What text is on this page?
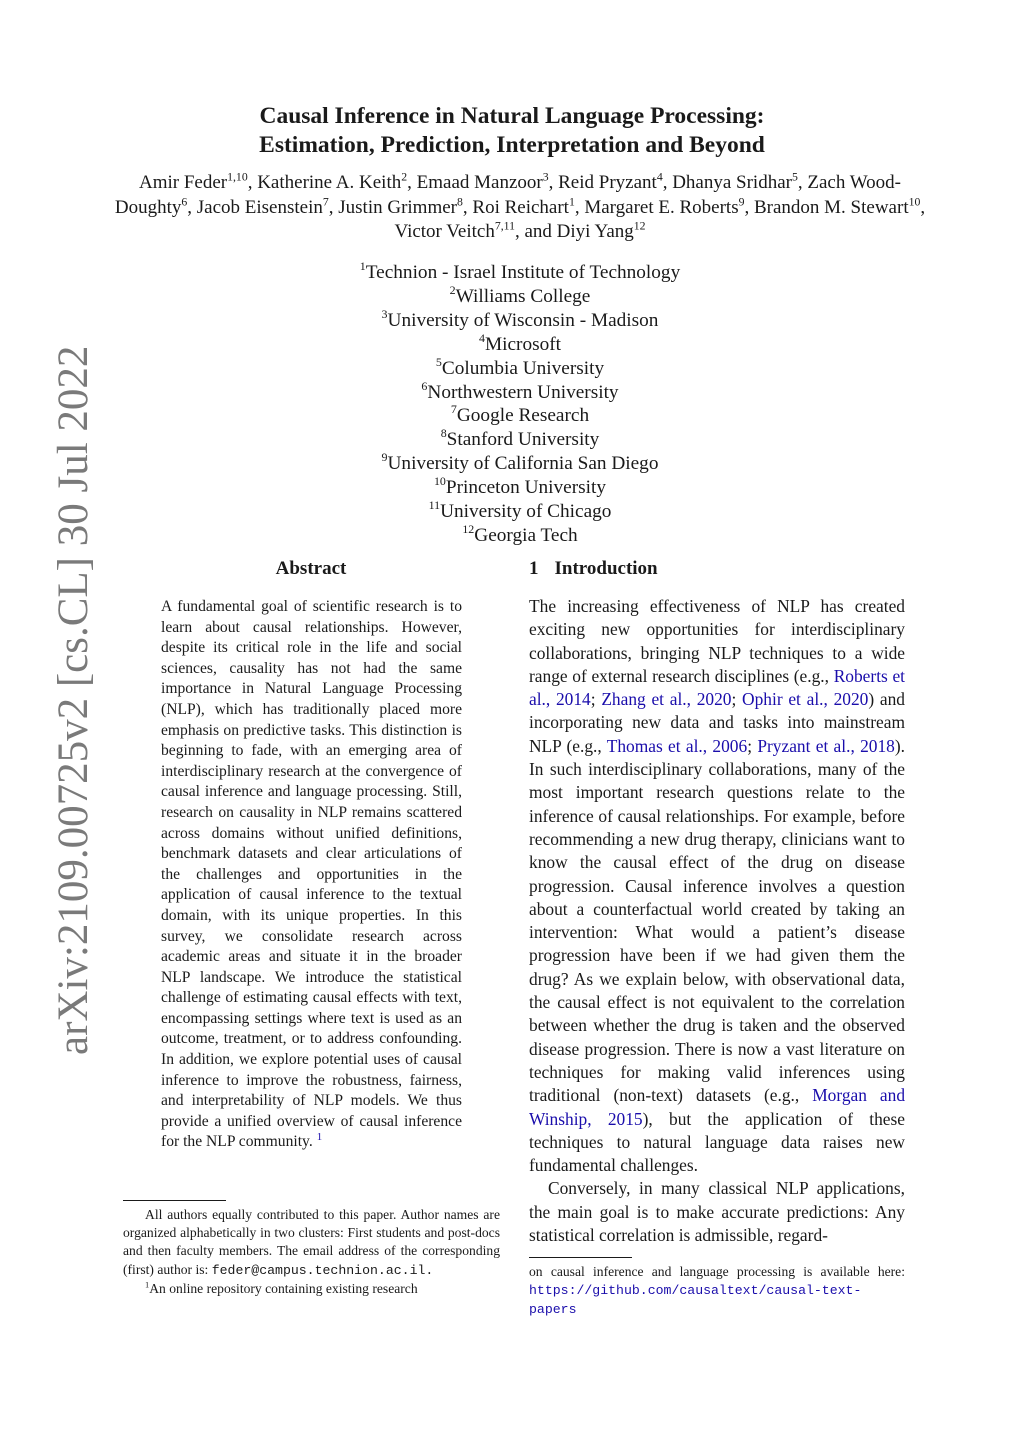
arXiv:2109.00725v2 [cs.CL] 30 Jul 2022
Causal Inference in Natural Language Processing:
Estimation, Prediction, Interpretation and Beyond
Amir Feder$^{1,10}$, Katherine A. Keith$^2$, Emaad Manzoor$^3$, Reid Pryzant$^4$, Dhanya Sridhar$^5$, Zach Wood-Doughty$^6$, Jacob Eisenstein$^7$, Justin Grimmer$^8$, Roi Reichart$^1$, Margaret E. Roberts$^9$, Brandon M. Stewart$^{10}$, Victor Veitch$^{7,11}$, and Diyi Yang$^{12}$
$^1$Technion - Israel Institute of Technology
$^2$Williams College
$^3$University of Wisconsin - Madison
$^4$Microsoft
$^5$Columbia University
$^6$Northwestern University
$^7$Google Research
$^8$Stanford University
$^9$University of California San Diego
$^{10}$Princeton University
$^{11}$University of Chicago
$^{12}$Georgia Tech
Abstract
A fundamental goal of scientific research is to learn about causal relationships. However, despite its critical role in the life and social sciences, causality has not had the same importance in Natural Language Processing (NLP), which has traditionally placed more emphasis on predictive tasks. This distinction is beginning to fade, with an emerging area of interdisciplinary research at the convergence of causal inference and language processing. Still, research on causality in NLP remains scattered across domains without unified definitions, benchmark datasets and clear articulations of the challenges and opportunities in the application of causal inference to the textual domain, with its unique properties. In this survey, we consolidate research across academic areas and situate it in the broader NLP landscape. We introduce the statistical challenge of estimating causal effects with text, encompassing settings where text is used as an outcome, treatment, or to address confounding. In addition, we explore potential uses of causal inference to improve the robustness, fairness, and interpretability of NLP models. We thus provide a unified overview of causal inference for the NLP community. $^1$
1 Introduction

The increasing effectiveness of NLP has created exciting new opportunities for interdisciplinary collaborations, bringing NLP techniques to a wide range of external research disciplines (e.g., Roberts et al., 2014; Zhang et al., 2020; Ophir et al., 2020) and incorporating new data and tasks into mainstream NLP (e.g., Thomas et al., 2006; Pryzant et al., 2018). In such interdisciplinary collaborations, many of the most important research questions relate to the inference of causal relationships. For example, before recommending a new drug therapy, clinicians want to know the causal effect of the drug on disease progression. Causal inference involves a question about a counterfactual world created by taking an intervention: What would a patient’s disease progression have been if we had given them the drug? As we explain below, with observational data, the causal effect is not equivalent to the correlation between whether the drug is taken and the observed disease progression. There is now a vast literature on techniques for making valid inferences using traditional (non-text) datasets (e.g., Morgan and Winship, 2015), but the application of these techniques to natural language data raises new fundamental challenges.

Conversely, in many classical NLP applications, the main goal is to make accurate predictions: Any statistical correlation is admissible, regard-

All authors equally contributed to this paper. Author names are organized alphabetically in two clusters: First students and post-docs and then faculty members. The email address of the corresponding (first) author is: feder@campus.technion.ac.il.

$^1$An online repository containing existing research

on causal inference and language processing is available here: https://github.com/causaltext/causal-text-papers
